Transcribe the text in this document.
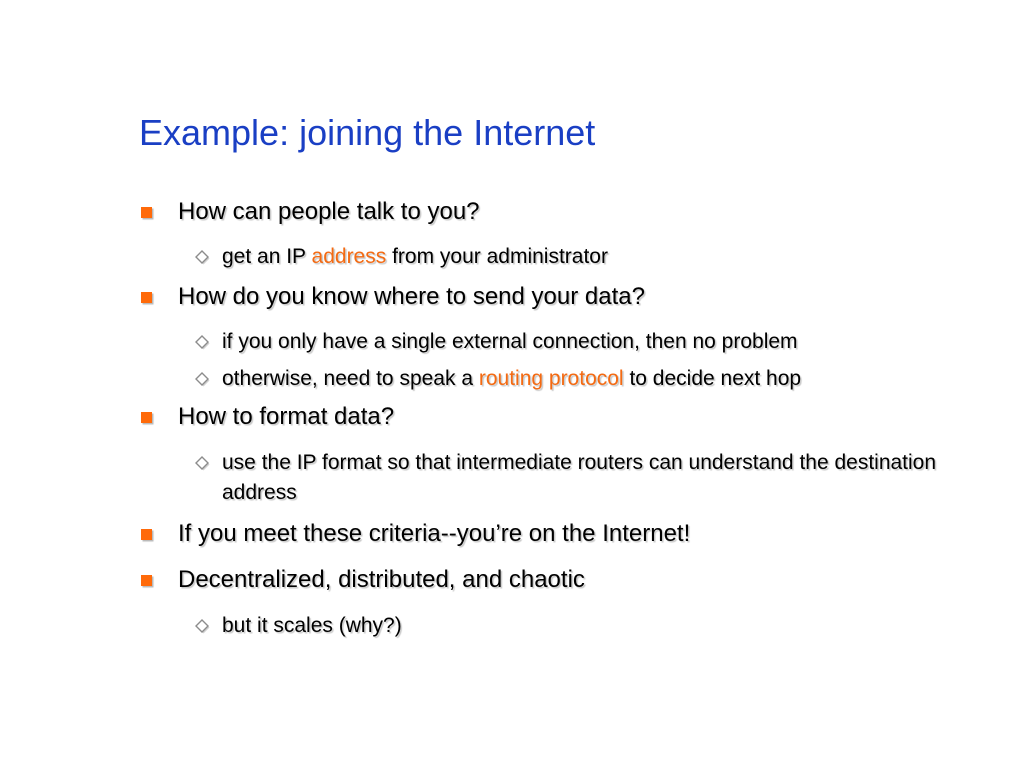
Example: joining the Internet
How can people talk to you?
get an IP address from your administrator
How do you know where to send your data?
if you only have a single external connection, then no problem
otherwise, need to speak a routing protocol to decide next hop
How to format data?
use the IP format so that intermediate routers can understand the destination address
If you meet these criteria--you’re on the Internet!
Decentralized, distributed, and chaotic
but it scales (why?)
